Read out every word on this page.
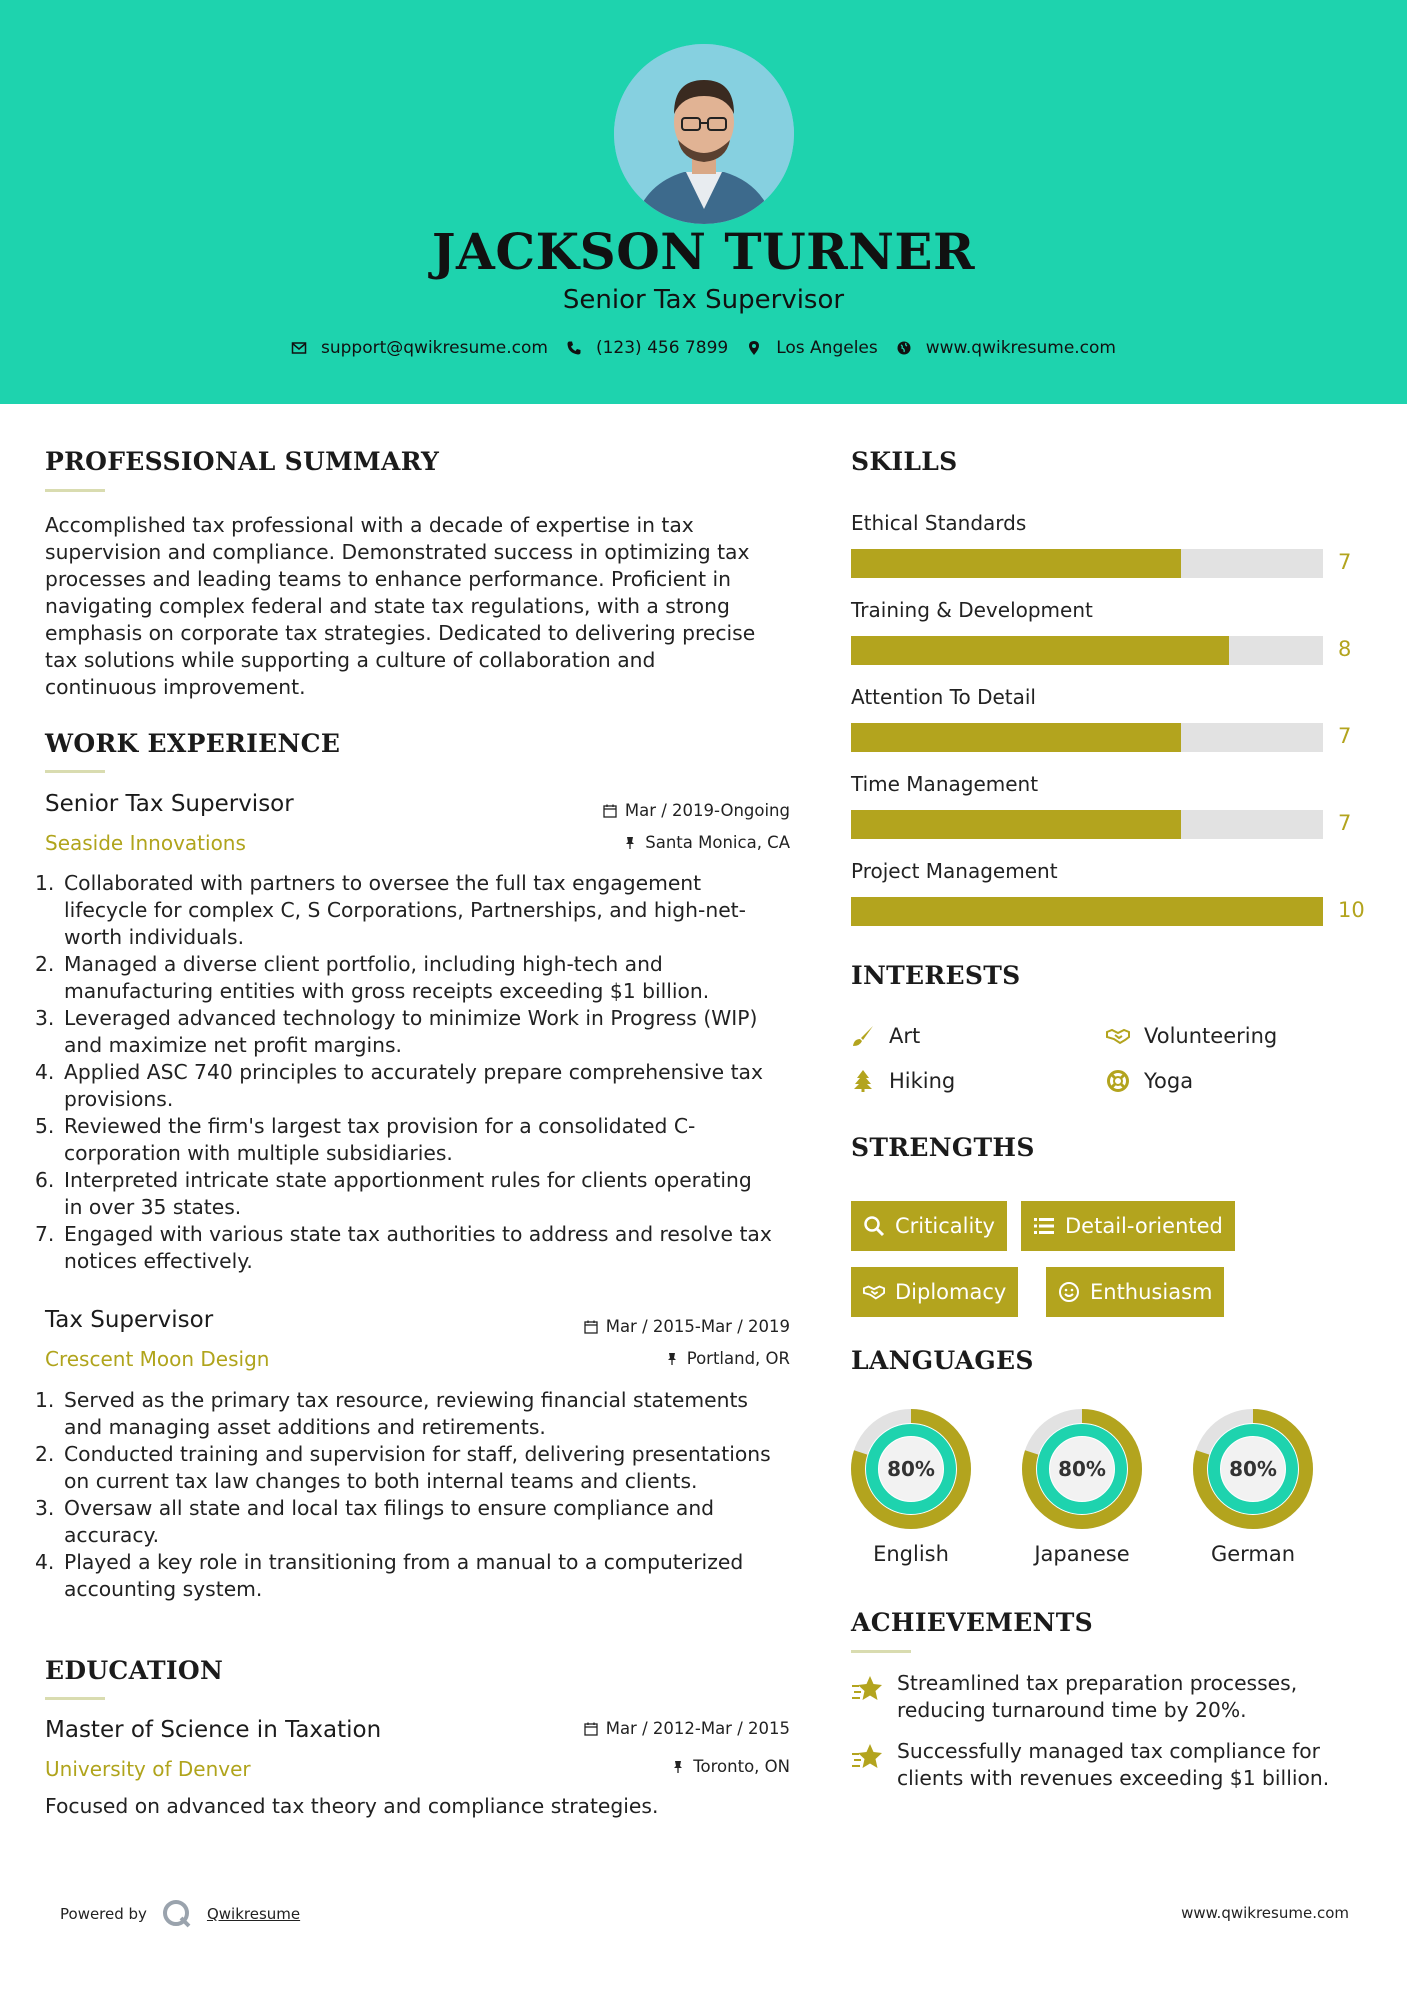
JACKSON TURNER
Senior Tax Supervisor
support@qwikresume.com	(123) 456 7899	Los Angeles	www.qwikresume.com
PROFESSIONAL SUMMARY
Accomplished tax professional with a decade of expertise in tax
supervision and compliance. Demonstrated success in optimizing tax
processes and leading teams to enhance performance. Proficient in
navigating complex federal and state tax regulations, with a strong
emphasis on corporate tax strategies. Dedicated to delivering precise
tax solutions while supporting a culture of collaboration and
continuous improvement.
WORK EXPERIENCE
Senior Tax Supervisor
Seaside Innovations
Mar / 2019-Ongoing
Santa Monica, CA
1. Collaborated with partners to oversee the full tax engagement
lifecycle for complex C, S Corporations, Partnerships, and high-net-
worth individuals.
2. Managed a diverse client portfolio, including high-tech and
manufacturing entities with gross receipts exceeding $1 billion.
3. Leveraged advanced technology to minimize Work in Progress (WIP)
and maximize net profit margins.
4. Applied ASC 740 principles to accurately prepare comprehensive tax
provisions.
5. Reviewed the firm's largest tax provision for a consolidated C-
corporation with multiple subsidiaries.
6. Interpreted intricate state apportionment rules for clients operating
in over 35 states.
7. Engaged with various state tax authorities to address and resolve tax
notices effectively.
Tax Supervisor
Crescent Moon Design
Mar / 2015-Mar / 2019
Portland, OR
1. Served as the primary tax resource, reviewing financial statements
and managing asset additions and retirements.
2. Conducted training and supervision for staff, delivering presentations
on current tax law changes to both internal teams and clients.
3. Oversaw all state and local tax filings to ensure compliance and
accuracy.
4. Played a key role in transitioning from a manual to a computerized
accounting system.
EDUCATION
Master of Science in Taxation
University of Denver
Mar / 2012-Mar / 2015
Toronto, ON
Focused on advanced tax theory and compliance strategies.
SKILLS
Ethical Standards
7
Training & Development
8
Attention To Detail
7
Time Management
7
Project Management
10
INTERESTS
Art	Volunteering
Hiking	Yoga
STRENGTHS
Criticality	Detail-oriented
Diplomacy	Enthusiasm
LANGUAGES
80%
English
80%
Japanese
80%
German
ACHIEVEMENTS
Streamlined tax preparation processes,
reducing turnaround time by 20%.
Successfully managed tax compliance for
clients with revenues exceeding $1 billion.
Powered by	Qwikresume	www.qwikresume.com
